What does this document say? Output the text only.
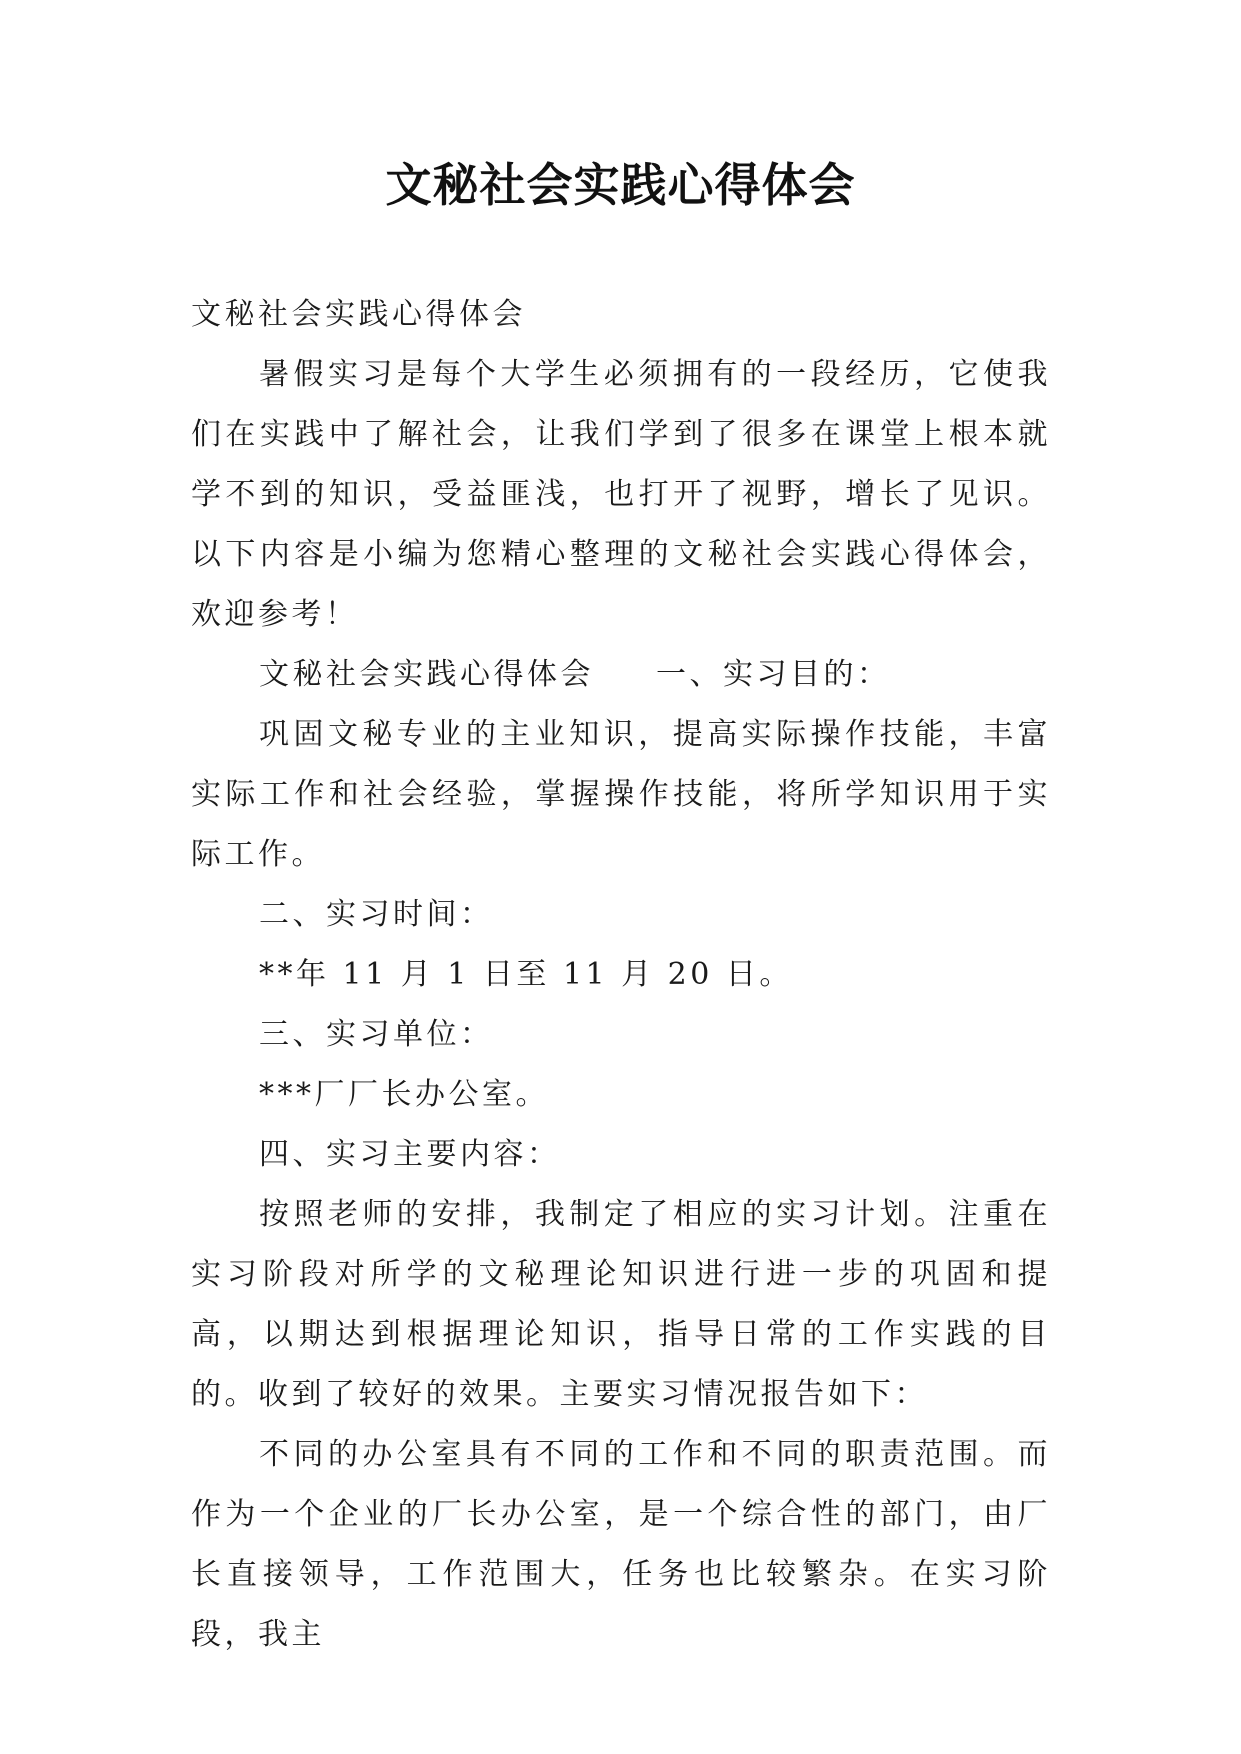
文秘社会实践心得体会

文秘社会实践心得体会

暑假实习是每个大学生必须拥有的一段经历，它使我们在实践中了解社会，让我们学到了很多在课堂上根本就学不到的知识，受益匪浅，也打开了视野，增长了见识。以下内容是小编为您精心整理的文秘社会实践心得体会，欢迎参考！

文秘社会实践心得体会 一、实习目的：

巩固文秘专业的主业知识，提高实际操作技能，丰富实际工作和社会经验，掌握操作技能，将所学知识用于实际工作。

二、实习时间：

**年 11 月 1 日至 11 月 20 日。

三、实习单位：

***厂厂长办公室。

四、实习主要内容：

按照老师的安排，我制定了相应的实习计划。注重在实习阶段对所学的文秘理论知识进行进一步的巩固和提高，以期达到根据理论知识，指导日常的工作实践的目的。收到了较好的效果。主要实习情况报告如下：

不同的办公室具有不同的工作和不同的职责范围。而作为一个企业的厂长办公室，是一个综合性的部门，由厂长直接领导，工作范围大，任务也比较繁杂。在实习阶段，我主
